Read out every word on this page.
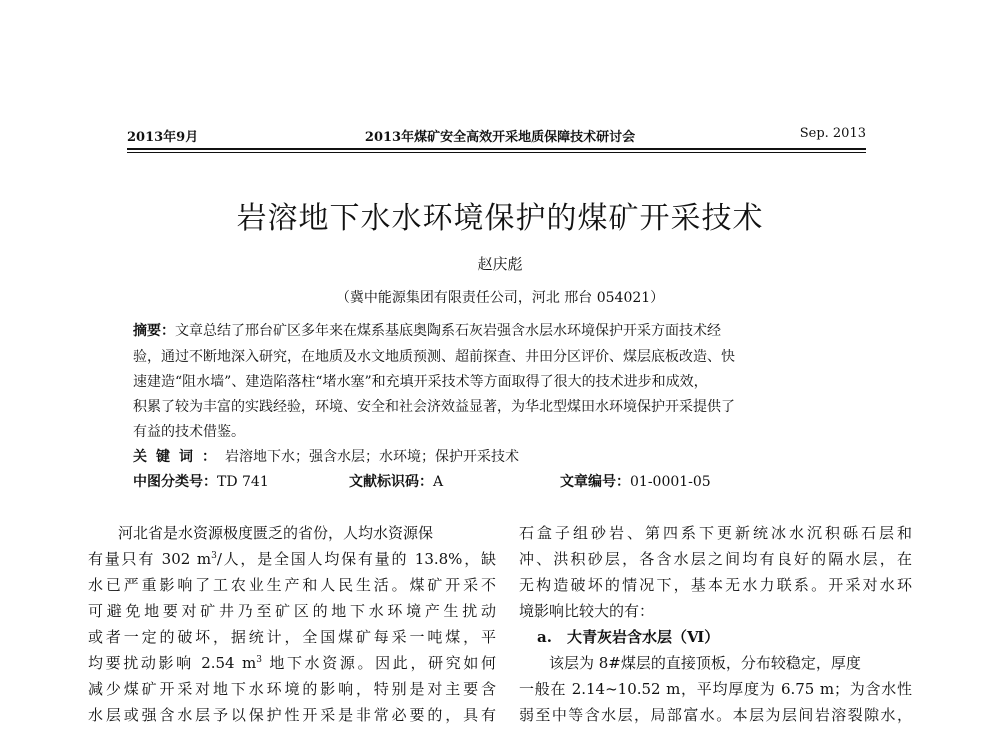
2013年9月	2013年煤矿安全高效开采地质保障技术研讨会	Sep. 2013
岩溶地下水水环境保护的煤矿开采技术
赵庆彪
（冀中能源集团有限责任公司，河北 邢台 054021）
摘要：文章总结了邢台矿区多年来在煤系基底奥陶系石灰岩强含水层水环境保护开采方面技术经
验，通过不断地深入研究，在地质及水文地质预测、超前探查、井田分区评价、煤层底板改造、快
速建造“阻水墙”、建造陷落柱“堵水塞”和充填开采技术等方面取得了很大的技术进步和成效，
积累了较为丰富的实践经验，环境、安全和社会济效益显著，为华北型煤田水环境保护开采提供了
有益的技术借鉴。
关键词：岩溶地下水；强含水层；水环境；保护开采技术
中图分类号：TD 741	文献标识码：A	文章编号：01-0001-05
河北省是水资源极度匮乏的省份，人均水资源保
有量只有 302 $m^3/$人，是全国人均保有量的 13.8%，缺
水已严重影响了工农业生产和人民生活。煤矿开采不
可避免地要对矿井乃至矿区的地下水环境产生扰动
或者一定的破坏，据统计，全国煤矿每采一吨煤，平
均要扰动影响 2.54 $m^3$ 地下水资源。因此，研究如何
减少煤矿开采对地下水环境的影响，特别是对主要含
水层或强含水层予以保护性开采是非常必要的，具有
石盒子组砂岩、第四系下更新统冰水沉积砾石层和
冲、洪积砂层，各含水层之间均有良好的隔水层，在
无构造破坏的情况下，基本无水力联系。开采对水环
境影响比较大的有：
a.　大青灰岩含水层（Ⅵ）
该层为 8#煤层的直接顶板，分布较稳定，厚度
一般在 2.14~10.52 m，平均厚度为 6.75 m；为含水性
弱至中等含水层，局部富水。本层为层间岩溶裂隙水，
